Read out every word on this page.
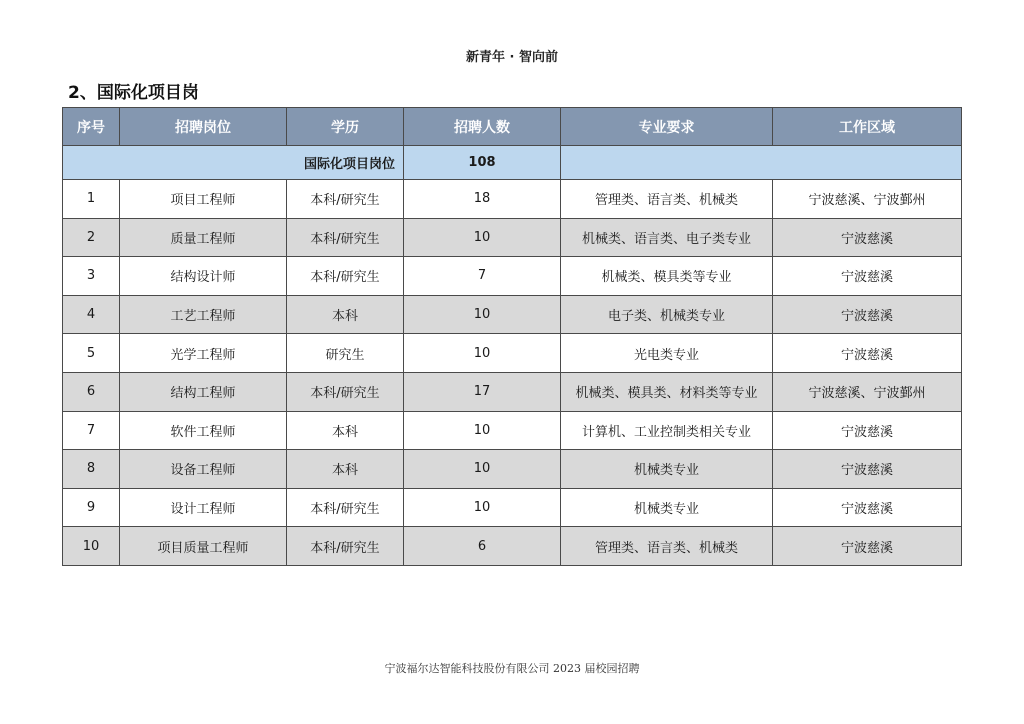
新青年 · 智向前
2、国际化项目岗
序号	招聘岗位	学历	招聘人数	专业要求	工作区域
国际化项目岗位			108		
1	项目工程师	本科/研究生	18	管理类、语言类、机械类	宁波慈溪、宁波鄞州
2	质量工程师	本科/研究生	10	机械类、语言类、电子类专业	宁波慈溪
3	结构设计师	本科/研究生	7	机械类、模具类等专业	宁波慈溪
4	工艺工程师	本科	10	电子类、机械类专业	宁波慈溪
5	光学工程师	研究生	10	光电类专业	宁波慈溪
6	结构工程师	本科/研究生	17	机械类、模具类、材料类等专业	宁波慈溪、宁波鄞州
7	软件工程师	本科	10	计算机、工业控制类相关专业	宁波慈溪
8	设备工程师	本科	10	机械类专业	宁波慈溪
9	设计工程师	本科/研究生	10	机械类专业	宁波慈溪
10	项目质量工程师	本科/研究生	6	管理类、语言类、机械类	宁波慈溪
宁波福尔达智能科技股份有限公司 2023 届校园招聘
